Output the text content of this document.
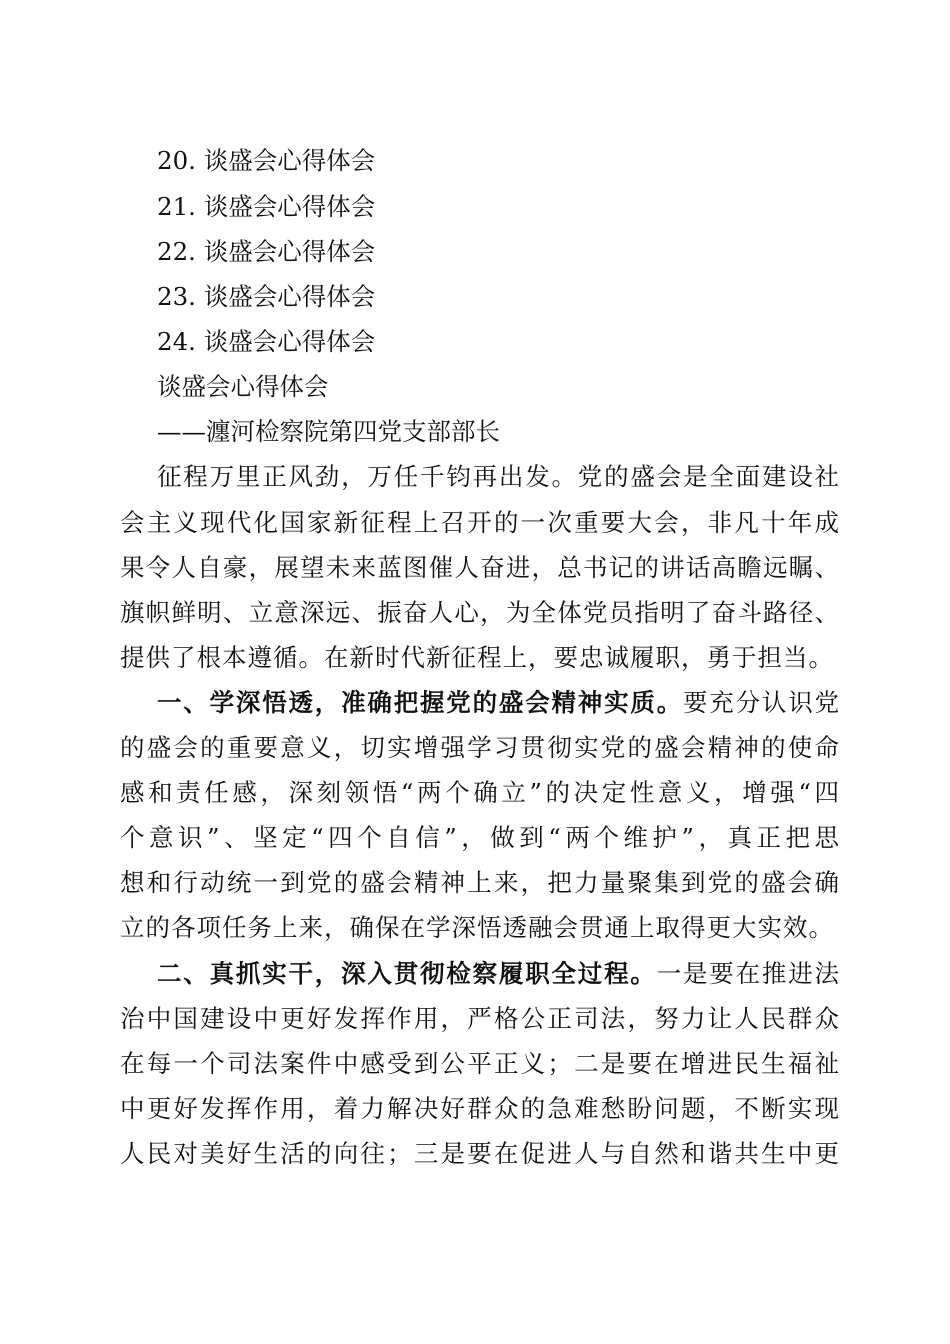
20. 谈盛会心得体会
21. 谈盛会心得体会
22. 谈盛会心得体会
23. 谈盛会心得体会
24. 谈盛会心得体会
谈盛会心得体会
——瀍河检察院第四党支部部长
征程万里正风劲，万任千钧再出发。党的盛会是全面建设社
会主义现代化国家新征程上召开的一次重要大会，非凡十年成
果令人自豪，展望未来蓝图催人奋进，总书记的讲话高瞻远瞩、
旗帜鲜明、立意深远、振奋人心，为全体党员指明了奋斗路径、
提供了根本遵循。在新时代新征程上，要忠诚履职，勇于担当。
一、学深悟透，准确把握党的盛会精神实质。要充分认识党
的盛会的重要意义，切实增强学习贯彻实党的盛会精神的使命
感和责任感，深刻领悟“两个确立”的决定性意义，增强“四
个意识”、坚定“四个自信”，做到“两个维护”，真正把思
想和行动统一到党的盛会精神上来，把力量聚集到党的盛会确
立的各项任务上来，确保在学深悟透融会贯通上取得更大实效。
二、真抓实干，深入贯彻检察履职全过程。一是要在推进法
治中国建设中更好发挥作用，严格公正司法，努力让人民群众
在每一个司法案件中感受到公平正义；二是要在增进民生福祉
中更好发挥作用，着力解决好群众的急难愁盼问题，不断实现
人民对美好生活的向往；三是要在促进人与自然和谐共生中更
